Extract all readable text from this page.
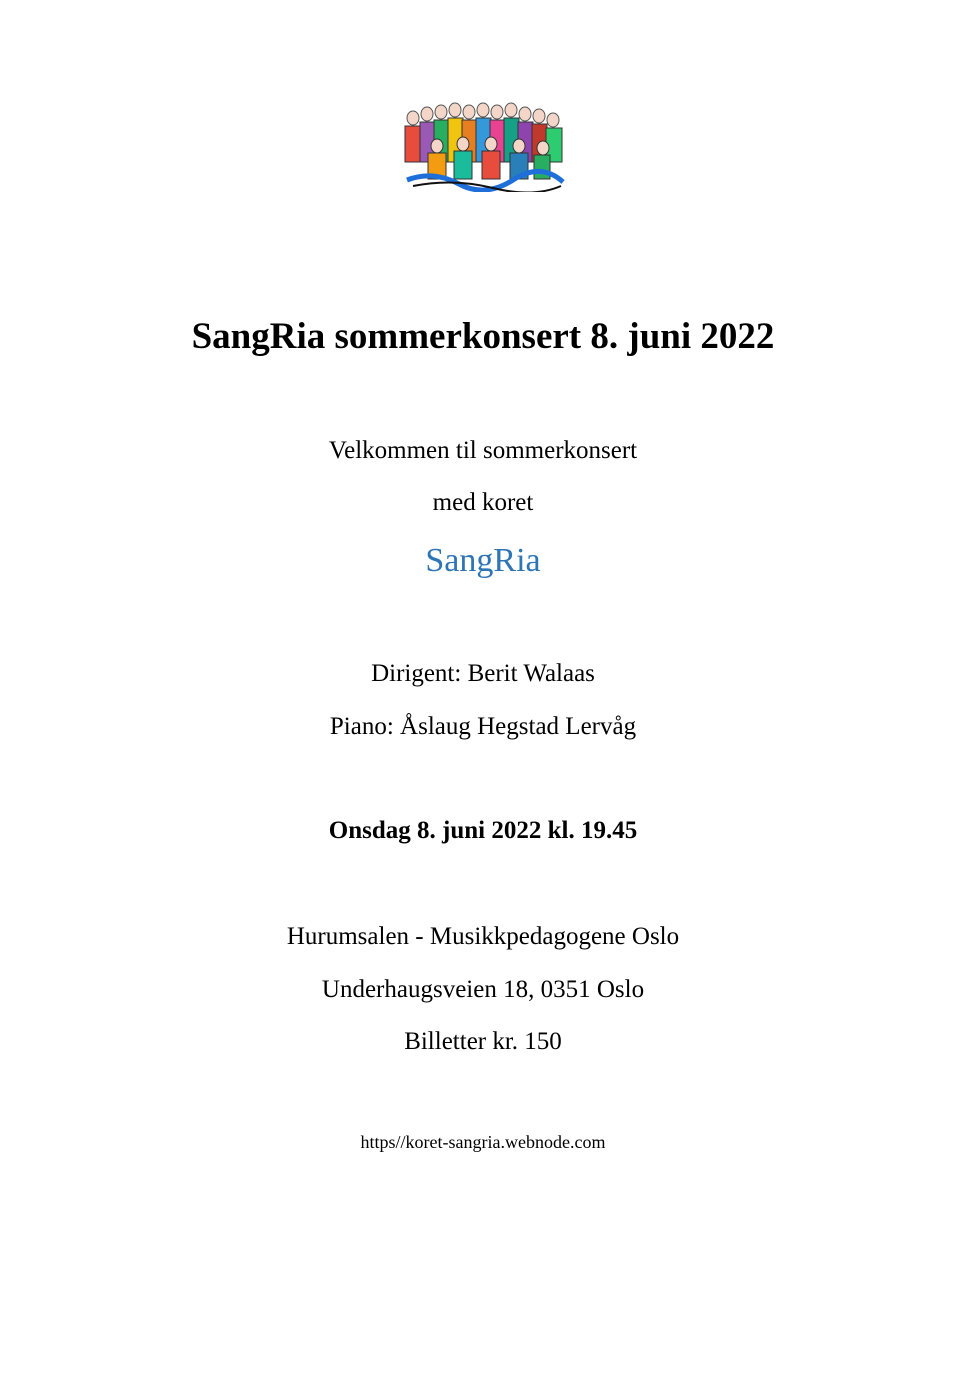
SangRia sommerkonsert 8. juni 2022
Velkommen til sommerkonsert
med koret
SangRia
Dirigent: Berit Walaas
Piano: Åslaug Hegstad Lervåg
Onsdag 8. juni 2022 kl. 19.45
Hurumsalen - Musikkpedagogene Oslo
Underhaugsveien 18, 0351 Oslo
Billetter kr. 150
https//koret-sangria.webnode.com
